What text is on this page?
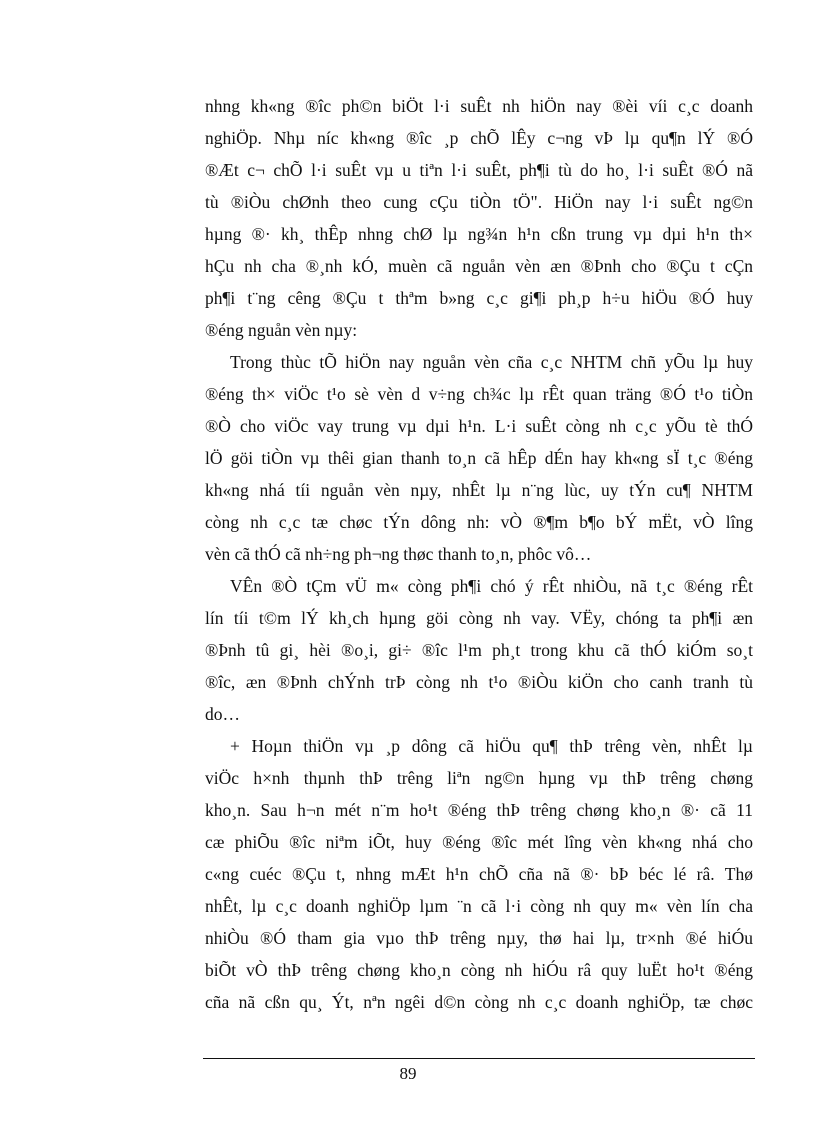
nhng kh«ng ®îc ph©n biÖt l·i suÊt nh hiÖn nay ®èi víi c¸c doanh
nghiÖp. Nhµ níc kh«ng ®îc ¸p chÕ lÊy c¬ng vÞ lµ qu¶n lÝ ®Ó
®Æt c¬ chÕ l·i suÊt vµ u tiªn l·i suÊt, ph¶i tù do ho¸ l·i suÊt ®Ó nã
tù ®iÒu chØnh theo cung cÇu tiÒn tÖ". HiÖn nay l·i suÊt ng©n
hµng ®· kh¸ thÊp nhng chØ lµ ng¾n h¹n cßn trung vµ dµi h¹n th×
hÇu nh cha ®¸nh kÓ, muèn cã nguån vèn æn ®Þnh cho ®Çu t cÇn
ph¶i t¨ng cêng ®Çu t thªm b»ng c¸c gi¶i ph¸p h÷u hiÖu ®Ó huy
®éng nguån vèn nµy:
Trong thùc tÕ hiÖn nay nguån vèn cña c¸c NHTM chñ yÕu lµ huy
®éng th× viÖc t¹o sè vèn d v÷ng ch¾c lµ rÊt quan träng ®Ó t¹o tiÒn
®Ò cho viÖc vay trung vµ dµi h¹n. L·i suÊt còng nh c¸c yÕu tè thÓ
lÖ göi tiÒn vµ thêi gian thanh to¸n cã hÊp dÉn hay kh«ng sÏ t¸c ®éng
kh«ng nhá tíi nguån vèn nµy, nhÊt lµ n¨ng lùc, uy tÝn cu¶ NHTM
còng nh c¸c tæ chøc tÝn dông nh: vÒ ®¶m b¶o bÝ mËt, vÒ lîng
vèn cã thÓ cã nh÷ng ph¬ng thøc thanh to¸n, phôc vô…
VÊn ®Ò tÇm vÜ m« còng ph¶i chó ý rÊt nhiÒu, nã t¸c ®éng rÊt
lín tíi t©m lÝ kh¸ch hµng göi còng nh vay. VËy, chóng ta ph¶i æn
®Þnh tû gi¸ hèi ®o¸i, gi÷ ®îc l¹m ph¸t trong khu cã thÓ kiÓm so¸t
®îc, æn ®Þnh chÝnh trÞ còng nh t¹o ®iÒu kiÖn cho canh tranh tù
do…
+ Hoµn thiÖn vµ ¸p dông cã hiÖu qu¶ thÞ trêng vèn, nhÊt lµ
viÖc h×nh thµnh thÞ trêng liªn ng©n hµng vµ thÞ trêng chøng
kho¸n. Sau h¬n mét n¨m ho¹t ®éng thÞ trêng chøng kho¸n ®· cã 11
cæ phiÕu ®îc niªm iÕt, huy ®éng ®îc mét lîng vèn kh«ng nhá cho
c«ng cuéc ®Çu t, nhng mÆt h¹n chÕ cña nã ®· bÞ béc lé râ. Thø
nhÊt, lµ c¸c doanh nghiÖp lµm ¨n cã l·i còng nh quy m« vèn lín cha
nhiÒu ®Ó tham gia vµo thÞ trêng nµy, thø hai lµ, tr×nh ®é hiÓu
biÕt vÒ thÞ trêng chøng kho¸n còng nh hiÓu râ quy luËt ho¹t ®éng
cña nã cßn qu¸ Ýt, nªn ngêi d©n còng nh c¸c doanh nghiÖp, tæ chøc
89
